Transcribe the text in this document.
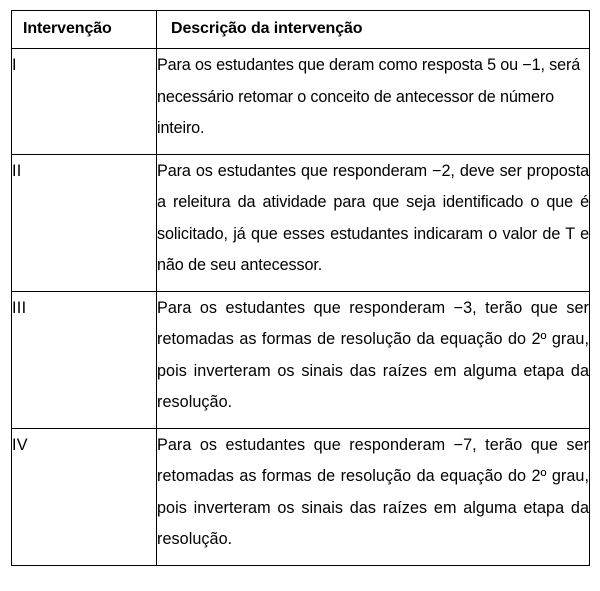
Intervenção	Descrição da intervenção
I	Para os estudantes que deram como resposta 5 ou −1, será necessário retomar o conceito de antecessor de número inteiro.

II	Para os estudantes que responderam −2, deve ser proposta a releitura da atividade para que seja identificado o que é solicitado, já que esses estudantes indicaram o valor de T e não de seu antecessor.

III	Para os estudantes que responderam −3, terão que ser retomadas as formas de resolução da equação do 2º grau, pois inverteram os sinais das raízes em alguma etapa da resolução.

IV	Para os estudantes que responderam −7, terão que ser retomadas as formas de resolução da equação do 2º grau, pois inverteram os sinais das raízes em alguma etapa da resolução.
